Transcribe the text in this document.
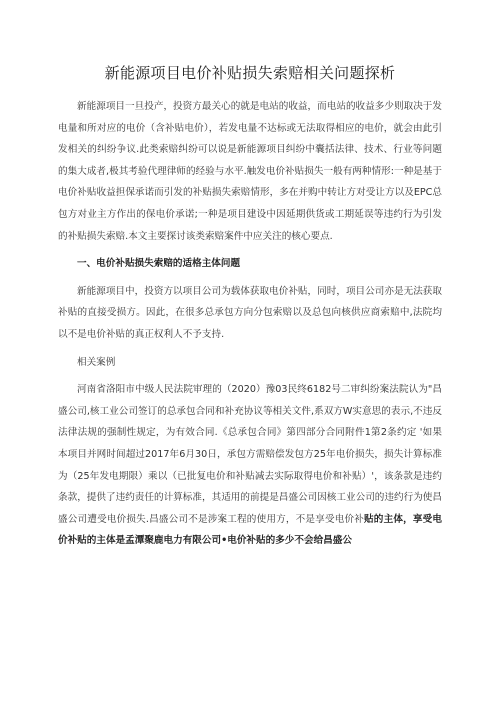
新能源项目电价补贴损失索赔相关问题探析

新能源项目一旦投产，投资方最关心的就是电站的收益，而电站的收益多少则取决于发电量和所对应的电价（含补贴电价），若发电量不达标或无法取得相应的电价，就会由此引发相关的纠纷争议.此类索赔纠纷可以说是新能源项目纠纷中囊括法律、技术、行业等问题的集大成者,极其考验代理律师的经验与水平.触发电价补贴损失一般有两种情形:一种是基于电价补贴收益担保承诺而引发的补贴损失索赔情形，多在并购中转让方对受让方以及EPC总包方对业主方作出的保电价承诺;一种是项目建设中因延期供货或工期延误等违约行为引发的补贴损失索赔.本文主要探讨该类索赔案件中应关注的核心要点.

一、电价补贴损失索赔的适格主体问题

新能源项目中，投资方以项目公司为载体获取电价补贴，同时，项目公司亦是无法获取补贴的直接受损方。因此，在很多总承包方向分包索赔以及总包向核供应商索赔中,法院均以不是电价补贴的真正权利人不予支持.

相关案例

河南省洛阳市中级人民法院审理的（2020）豫03民终6182号二审纠纷案法院认为"昌盛公司,核工业公司签订的总承包合同和补充协议等相关文件,系双方W实意思的表示,不违反法律法规的强制性规定，为有效合同.《总承包合同》第四部分合同附件1第2条约定 '如果本项目并网时间超过2017年6月30日，承包方需赔偿发包方25年电价损失，损失计算标准为（25年发电期限）乘以（已批复电价和补贴减去实际取得电价和补贴）'，该条款是违约条款，提供了违约责任的计算标准，其适用的前提是昌盛公司因核工业公司的违约行为使昌盛公司遭受电价损失.昌盛公司不是涉案工程的使用方，不是享受电价补贴的主体，享受电价补贴的主体是孟潭聚鹿电力有限公司•电价补贴的多少不会给昌盛公
